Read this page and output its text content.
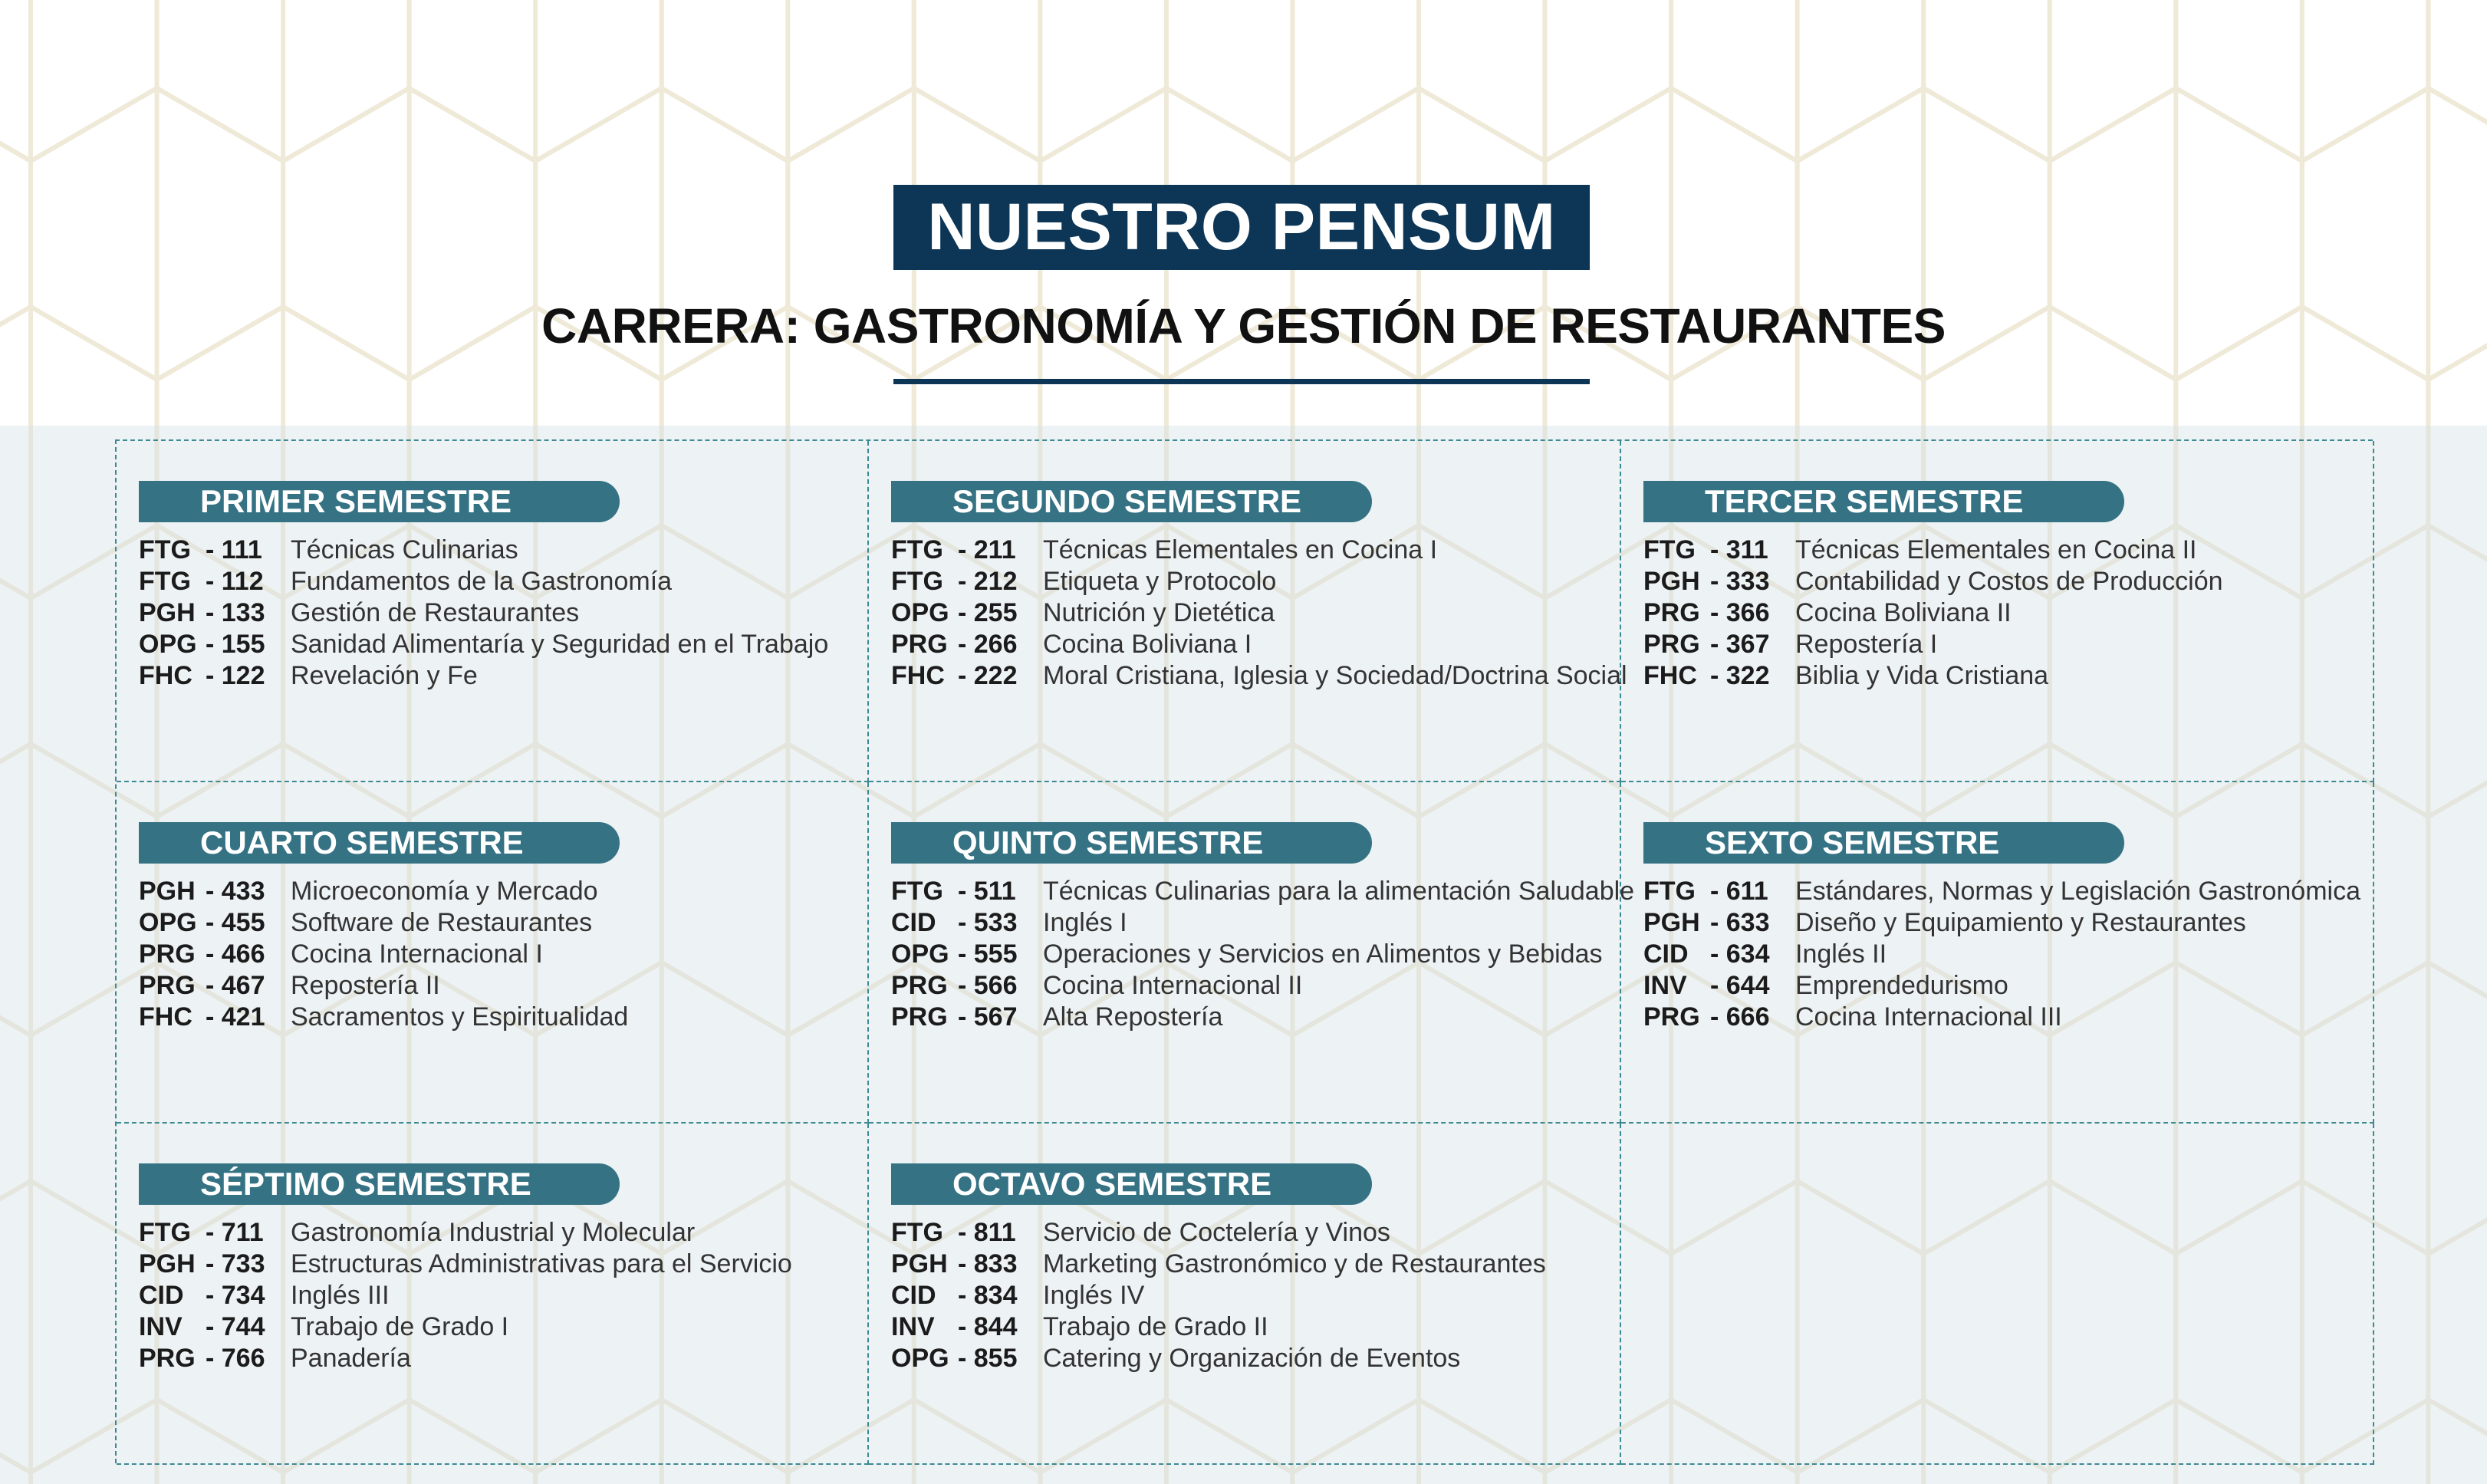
NUESTRO PENSUM
CARRERA: GASTRONOMÍA Y GESTIÓN DE RESTAURANTES
PRIMER SEMESTRE
FTG - 111	Técnicas Culinarias
FTG - 112	Fundamentos de la Gastronomía
PGH - 133 Gestión de Restaurantes
OPG - 155 Sanidad Alimentaría y Seguridad en el Trabajo
FHC - 122 Revelación y Fe
SEGUNDO SEMESTRE
FTG - 211	Técnicas Elementales en Cocina I
FTG - 212 Etiqueta y Protocolo
OPG - 255 Nutrición y Dietética
PRG - 266 Cocina Boliviana I
FHC - 222 Moral Cristiana, Iglesia y Sociedad/Doctrina Social
TERCER SEMESTRE
FTG - 311	Técnicas Elementales en Cocina II
PGH - 333 Contabilidad y Costos de Producción
PRG - 366 Cocina Boliviana II
PRG - 367 Repostería I
FHC - 322 Biblia y Vida Cristiana
CUARTO SEMESTRE
PGH - 433 Microeconomía y Mercado
OPG - 455 Software de Restaurantes
PRG - 466 Cocina Internacional I
PRG - 467 Repostería II
FHC - 421 Sacramentos y Espiritualidad
QUINTO SEMESTRE
FTG - 511	Técnicas Culinarias para la alimentación Saludable
CID - 533 Inglés I
OPG - 555 Operaciones y Servicios en Alimentos y Bebidas
PRG - 566 Cocina Internacional II
PRG - 567 Alta Repostería
SEXTO SEMESTRE
FTG - 611	Estándares, Normas y Legislación Gastronómica
PGH - 633 Diseño y Equipamiento y Restaurantes
CID - 634 Inglés II
INV - 644 Emprendedurismo
PRG - 666 Cocina Internacional III
SÉPTIMO SEMESTRE
FTG - 711	Gastronomía Industrial y Molecular
PGH - 733 Estructuras Administrativas para el Servicio
CID - 734 Inglés III
INV - 744 Trabajo de Grado I
PRG - 766 Panadería
OCTAVO SEMESTRE
FTG - 811	Servicio de Coctelería y Vinos
PGH - 833 Marketing Gastronómico y de Restaurantes
CID - 834 Inglés IV
INV - 844 Trabajo de Grado II
OPG - 855 Catering y Organización de Eventos
